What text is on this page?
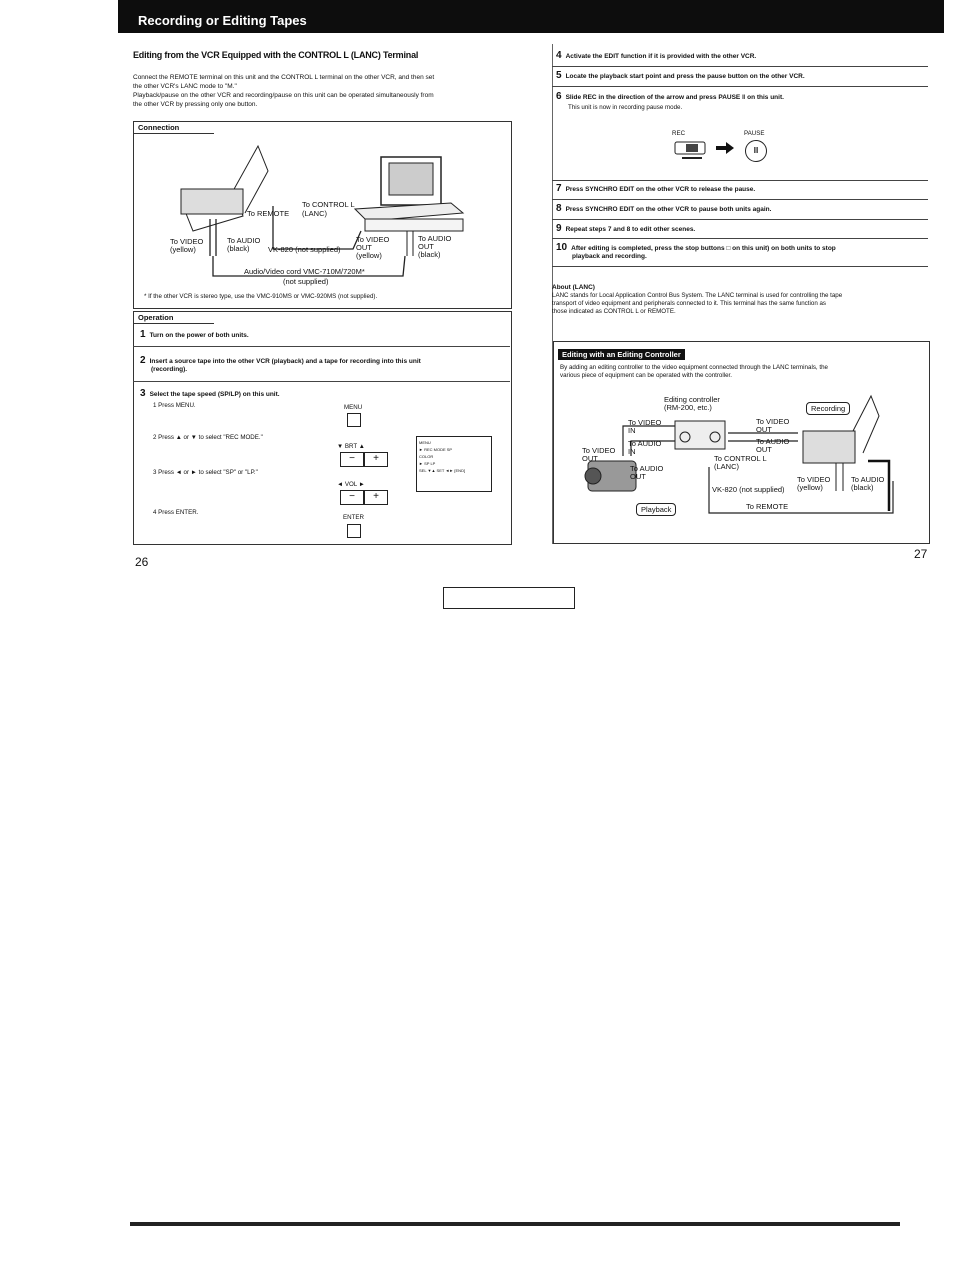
Recording or Editing Tapes
Editing from the VCR Equipped with the CONTROL L (LANC) Terminal
Connect the REMOTE terminal on this unit and the CONTROL L terminal on the other VCR, and then set
the other VCR's LANC mode to "M."
Playback/pause on the other VCR and recording/pause on this unit can be operated simultaneously from
the other VCR by pressing only one button.
Connection
To CONTROL L
(LANC)
To REMOTE
To VIDEO
(yellow)
To AUDIO
(black) VK-820 (not supplied)
To VIDEO
OUT
(yellow)
To AUDIO
OUT
(black)
Audio/Video cord VMC-710M/720M*
(not supplied)
* If the other VCR is stereo type, use the VMC-910MS or VMC-920MS (not supplied).
Operation
1 Turn on the power of both units.
2 Insert a source tape into the other VCR (playback) and a tape for recording into this unit
(recording).
3 Select the tape speed (SP/LP) on this unit.
1 Press MENU.
2 Press ▲ or ▼ to select "REC MODE."
3 Press ◄ or ► to select "SP" or "LP."
4 Press ENTER.
MENU
▼ BRT ▲
−	+
◄ VOL ►
−	+
ENTER
MENU
► REC MODE SP
COLOR
► SP LP
SEL ▼▲ SET ◄► [END]
26
4 Activate the EDIT function if it is provided with the other VCR.
5 Locate the playback start point and press the pause button on the other VCR.
6 Slide REC in the direction of the arrow and press PAUSE ‖ on this unit.
This unit is now in recording pause mode.
REC	PAUSE
II
7 Press SYNCHRO EDIT on the other VCR to release the pause.
8 Press SYNCHRO EDIT on the other VCR to pause both units again.
9 Repeat steps 7 and 8 to edit other scenes.
10 After editing is completed, press the stop buttons □ on this unit) on both units to stop
playback and recording.
About (LANC)
LANC stands for Local Application Control Bus System. The LANC terminal is used for controlling the tape
transport of video equipment and peripherals connected to it. This terminal has the same function as
those indicated as CONTROL L or REMOTE.
Editing with an Editing Controller
By adding an editing controller to the video equipment connected through the LANC terminals, the
various piece of equipment can be operated with the controller.
Editing controller
(RM-200, etc.)	Recording
Playback
To VIDEO
IN
To VIDEO
OUT
To AUDIO
IN
To AUDIO
OUT
To VIDEO
OUT
To AUDIO
OUT
To CONTROL L
(LANC)
VK-820 (not supplied)
To REMOTE
To VIDEO
(yellow)
To AUDIO
(black)
27
